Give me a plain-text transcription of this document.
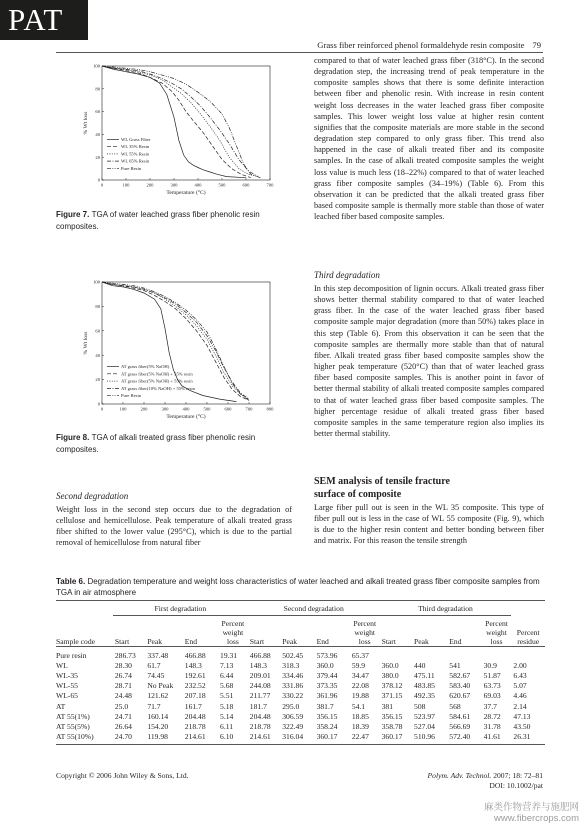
PAT
Grass fiber reinforced phenol formaldehyde resin composite 79
0	100	200	300	400	500	600	700
0
20
40
60
80
100
Temperature (°C)
% Wt loss
WL Grass Fiber
WL 35% Resin
WL 55% Resin
WL 65% Resin
Pure Resin
Figure 7. TGA of water leached grass fiber phenolic resin composites.
0	100	200	300	400	500	600	700	800
0
20
40
60
80
100
Temperature (°C)
% Wt loss
AT grass fiber(5% NaOH)
AT grass fiber(5% NaOH) + 55% resin
AT grass fiber(5% NaOH) + 55% resin
AT grass fiber(10% NaOH) + 55% resin
Pure Resin
Figure 8. TGA of alkali treated grass fiber phenolic resin composites.
Second degradation

Weight loss in the second step occurs due to the degradation of cellulose and hemicellulose. Peak temperature of alkali treated grass fiber shifted to the lower value (295°C), which is due to the partial removal of hemicellulose from natural fiber

compared to that of water leached grass fiber (318°C). In the second degradation step, the increasing trend of peak temperature in the composite samples shows that there is some definite interaction between fiber and phenolic resin. With increase in resin content weight loss decreases in the water leached grass fiber composite samples. This lower weight loss value at higher resin content signifies that the composite materials are more stable in the second degradation step compared to only grass fiber. This trend also happened in the case of alkali treated fiber and its composite samples. In the case of alkali treated composite samples the weight loss value is much less (18–22%) compared to that of water leached grass fiber composite samples (34–19%) (Table 6). From this observation it can be predicted that the alkali treated grass fiber based composite sample is thermally more stable than those of water leached fiber based composite samples.

Third degradation

In this step decomposition of lignin occurs. Alkali treated grass fiber shows better thermal stability compared to that of water leached grass fiber. In the case of the water leached grass fiber based composite sample major degradation (more than 50%) takes place in this step (Table 6). From this observation it can be seen that the composite samples are thermally more stable than that of natural fiber. Alkali treated grass fiber based composite samples show the higher peak temperature (520°C) than that of water leached grass fiber based composite samples. This is another point in favor of better thermal stability of alkali treated composite samples compared to that of water leached grass fiber based composite samples. The higher percentage residue of alkali treated grass fiber based composite samples in the same temperature region also implies its better thermal stability.

SEM analysis of tensile fracture
surface of composite

Large fiber pull out is seen in the WL 35 composite. This type of fiber pull out is less in the case of WL 55 composite (Fig. 9), which is due to the higher resin content and better bonding between fiber and matrix. For this reason the tensile strength

Table 6. Degradation temperature and weight loss characteristics of water leached and alkali treated grass fiber composite samples from TGA in air atmosphere
	First degradation				Second degradation				Third degradation				
Sample code	Start	Peak	End	Percent
weight
loss	Start	Peak	End	Percent
weight
loss	Start	Peak	End	Percent
weight
loss	Percent
residue
Pure resin	286.73	337.48	466.88	19.31	466.88	502.45	573.96	65.37					
WL	28.30	61.7	148.3	7.13	148.3	318.3	360.0	59.9	360.0	440	541	30.9	2.00
WL-35	26.74	74.45	192.61	6.44	209.01	334.46	379.44	34.47	380.0	475.11	582.67	51.87	6.43
WL-55	28.71	No Peak	232.52	5.68	244.08	331.86	373.35	22.08	378.12	483.85	583.40	63.73	5.07
WL-65	24.48	121.62	207.18	5.51	211.77	330.22	361.96	19.88	371.15	492.35	620.67	69.03	4.46
AT	25.0	71.7	161.7	5.18	181.7	295.0	381.7	54.1	381	508	568	37.7	2.14
AT 55(1%)	24.71	160.14	204.48	5.14	204.48	306.59	356.15	18.85	356.15	523.97	584.61	28.72	47.13
AT 55(5%)	26.64	154.20	218.78	6.11	218.78	322.49	358.24	18.39	358.78	527.04	566.69	31.78	43.50
AT 55(10%)	24.70	119.98	214.61	6.10	214.61	316.04	360.17	22.47	360.17	510.96	572.40	41.61	26.31
Copyright © 2006 John Wiley & Sons, Ltd.	Polym. Adv. Technol. 2007; 18: 72–81
DOI: 10.1002/pat
麻类作物营养与施肥网
www.fibercrops.com
